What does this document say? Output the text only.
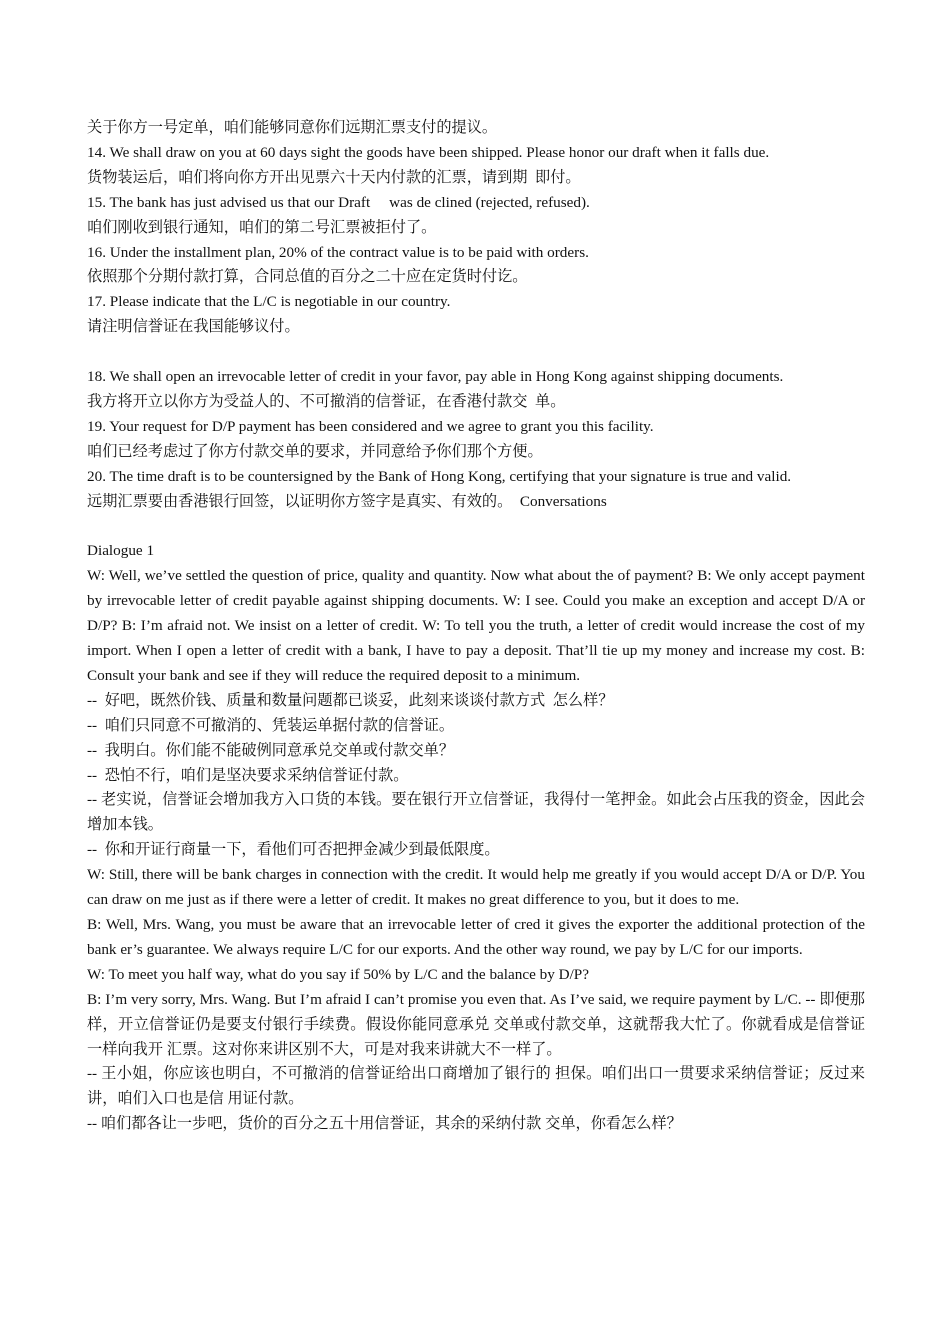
关于你方一号定单，咱们能够同意你们远期汇票支付的提议。
14. We shall draw on you at 60 days sight the goods have been shipped. Please honor our draft when it falls due.
货物装运后，咱们将向你方开出见票六十天内付款的汇票，请到期  即付。
15. The bank has just advised us that our Draft     was de clined (rejected, refused).
咱们刚收到银行通知，咱们的第二号汇票被拒付了。
16. Under the installment plan, 20% of the contract value is to be paid with orders.
依照那个分期付款打算，合同总值的百分之二十应在定货时付讫。
17. Please indicate that the L/C is negotiable in our country.
请注明信誉证在我国能够议付。
18. We shall open an irrevocable letter of credit in your favor, pay able in Hong Kong against shipping documents.
我方将开立以你方为受益人的、不可撤消的信誉证，在香港付款交  单。
19. Your request for D/P payment has been considered and we agree to grant you this facility.
咱们已经考虑过了你方付款交单的要求，并同意给予你们那个方便。
20. The time draft is to be countersigned by the Bank of Hong Kong, certifying that your signature is true and valid.
远期汇票要由香港银行回签，以证明你方签字是真实、有效的。  Conversations
Dialogue 1

W: Well, we’ve settled the question of price, quality and quantity. Now what about the of payment? B: We only accept payment by irrevocable letter of credit payable against shipping documents. W: I see. Could you make an exception and accept D/A or D/P? B: I’m afraid not. We insist on a letter of credit. W: To tell you the truth, a letter of credit would increase the cost of my import. When I open a letter of credit with a bank, I have to pay a deposit. That’ll tie up my money and increase my cost. B: Consult your bank and see if they will reduce the required deposit to a minimum.

--  好吧，既然价钱、质量和数量问题都已谈妥，此刻来谈谈付款方式  怎么样？
--  咱们只同意不可撤消的、凭装运单据付款的信誉证。
--  我明白。你们能不能破例同意承兑交单或付款交单？
--  恐怕不行，咱们是坚决要求采纳信誉证付款。

-- 老实说，信誉证会增加我方入口货的本钱。要在银行开立信誉证，我得付一笔押金。如此会占压我的资金，因此会增加本钱。

--  你和开证行商量一下，看他们可否把押金减少到最低限度。

W: Still, there will be bank charges in connection with the credit. It would help me greatly if you would accept D/A or D/P. You can draw on me just as if there were a letter of credit. It makes no great difference to you, but it does to me.

B: Well, Mrs. Wang, you must be aware that an irrevocable letter of cred it gives the exporter the additional protection of the bank er’s guarantee. We always require L/C for our exports. And the other way round, we pay by L/C for our imports.

W: To meet you half way, what do you say if 50% by L/C and the balance by D/P?

B: I’m very sorry, Mrs. Wang. But I’m afraid I can’t promise you even that. As I’ve said, we require payment by L/C. -- 即便那样，开立信誉证仍是要支付银行手续费。假设你能同意承兑 交单或付款交单，这就帮我大忙了。你就看成是信誉证一样向我开 汇票。这对你来讲区别不大，可是对我来讲就大不一样了。

-- 王小姐，你应该也明白，不可撤消的信誉证给出口商增加了银行的 担保。咱们出口一贯要求采纳信誉证；反过来讲，咱们入口也是信 用证付款。

-- 咱们都各让一步吧，货价的百分之五十用信誉证，其余的采纳付款 交单，你看怎么样？
